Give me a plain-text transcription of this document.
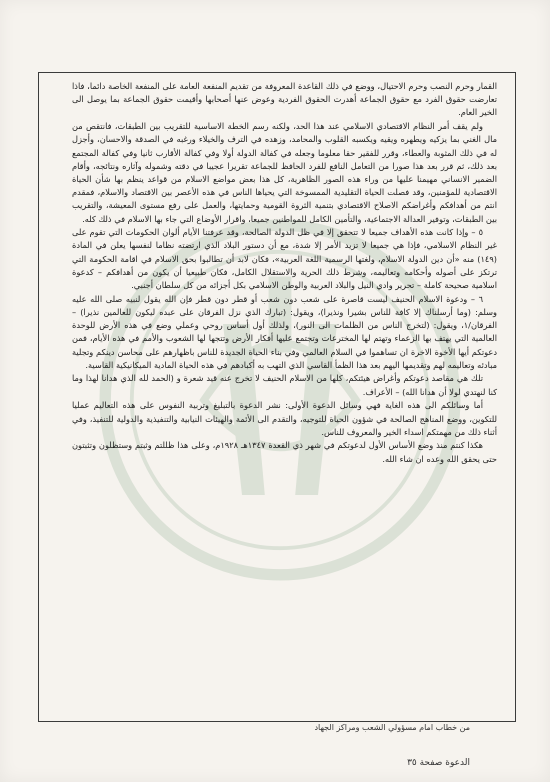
القمار وحرم النصب وحرم الاحتيال، ووضع في ذلك القاعدة المعروفة من تقديم المنفعة العامة على المنفعة الخاصة دائما، فاذا تعارضت حقوق الفرد مع حقوق الجماعة أهدرت الحقوق الفردية وعوض عنها أصحابها وأقيمت حقوق الجماعة بما يوصل الى الخير العام.

ولم يقف أمر النظام الاقتصادي الاسلامي عند هذا الحد، ولكنه رسم الخطة الاساسية للتقريب بين الطبقات، فانتقص من مال الغني بما يزكيه ويطهره ويقيه ويكسبه القلوب والمحامد، وزهده في الترف والخيلاء ورغبه في الصدقة والاحسان، وأجزل له في ذلك المثوبة والعطاء، وقرر للفقير حقا معلوما وجعله في كفالة الدولة أولا وفي كفالة الأقارب ثانيا وفي كفالة المجتمع بعد ذلك، ثم قرر بعد هذا صورا من التعامل النافع للفرد الحافظ للجماعة تقريرا عجيبا في دقته وشموله وآثاره ونتائجه، وأقام الضمير الانساني مهيمنا عليها من وراء هذه الصور الظاهرية، كل هذا بعض مواضع الاسلام من قواعد ينظم بها شأن الحياة الاقتصادية للمؤمنين، وقد فصلت الحياة التقليدية الممسوخة التي يحياها الناس في هذه الأعصر بين الاقتصاد والاسلام، فمقدم انتم من أهدافكم وأغراضكم الاصلاح الاقتصادي بتنمية الثروة القومية وحمايتها، والعمل على رفع مستوى المعيشة، والتقريب بين الطبقات، وتوفير العدالة الاجتماعية، والتأمين الكامل للمواطنين جميعا، واقرار الأوضاع التي جاء بها الاسلام في ذلك كله.

٥ – وإذا كانت هذه الأهداف جميعا لا تتحقق إلا في ظل الدولة الصالحة، وقد عرفتنا الأيام ألوان الحكومات التي تقوم على غير النظام الاسلامي، فإذا هي جميعا لا تزيد الأمر إلا شدة، مع أن دستور البلاد الذي ارتضته نظاما لنفسها يعلن في المادة (١٤٩) منه «أن دين الدولة الاسلام، ولغتها الرسمية اللغة العربية»، فكان لابد أن تطالبوا بحق الاسلام في اقامة الحكومة التي ترتكز على أصوله وأحكامه وتعاليمه، وشرط ذلك الحرية والاستقلال الكامل، فكان طبيعيا أن يكون من أهدافكم – كدعوة اسلامية صحيحة كاملة – تحرير وادي النيل والبلاد العربية والوطن الاسلامي بكل أجزائه من كل سلطان أجنبي.

٦ – ودعوة الاسلام الحنيف ليست قاصرة على شعب دون شعب أو قطر دون قطر فإن الله يقول لنبيه صلى الله عليه وسلم: (وما أرسلناك إلا كافة للناس بشيرا ونذيرا)، ويقول: (تبارك الذي نزل الفرقان على عبده ليكون للعالمين نذيرا) – الفرقان/١، ويقول: (لتخرج الناس من الظلمات الى النور)، ولذلك أول أساس روحي وعملي وضع في هذه الأرض للوحدة العالمية التي يهتف بها الزعماء وتهتم لها المخترعات وتجتمع عليها أفكار الأرض وتتجها لها الشعوب والأمم في هذه الأيام، فمن دعوتكم أيها الأخوة الاخرة ان تساهموا في السلام العالمي وفي بناء الحياة الجديدة للناس باظهارهم على محاسن دينكم وتجلية مبادئه وتعاليمه لهم وتقديمها اليهم بعد هذا الظمأ القاسي الذي التهب به أكبادهم في هذه الحياة المادية الميكانيكية القاسية.

تلك هي مقاصد دعوتكم وأغراض هيئتكم، كلها من الاسلام الحنيف لا تخرج عنه قيد شعرة و (الحمد لله الذي هدانا لهذا وما كنا لنهتدي لولا أن هدانا الله) – الأعراف.

أما وسائلكم الى هذه الغاية فهي وسائل الدعوة الأولى: نشر الدعوة بالتبليغ وتربية النفوس على هذه التعاليم عمليا للتكوين، ووضع المناهج الصالحة في شؤون الحياة للتوجيه، والتقدم الى الأئمة والهيئات النيابية والتنفيذية والدولية للتنفيذ، وفي أثناء ذلك من مهمتكم اسداء الخير والمعروف للناس.

هكذا كنتم منذ وضع الأساس الأول لدعوتكم في شهر ذي القعدة ١٣٤٧هـ ١٩٢٨م، وعلى هذا ظللتم وثبتم وستظلون وتثبتون حتى يحقق الله وعده ان شاء الله.

من خطاب امام مسؤولي الشعب ومراكز الجهاد
الدعوة صفحة ٣٥
